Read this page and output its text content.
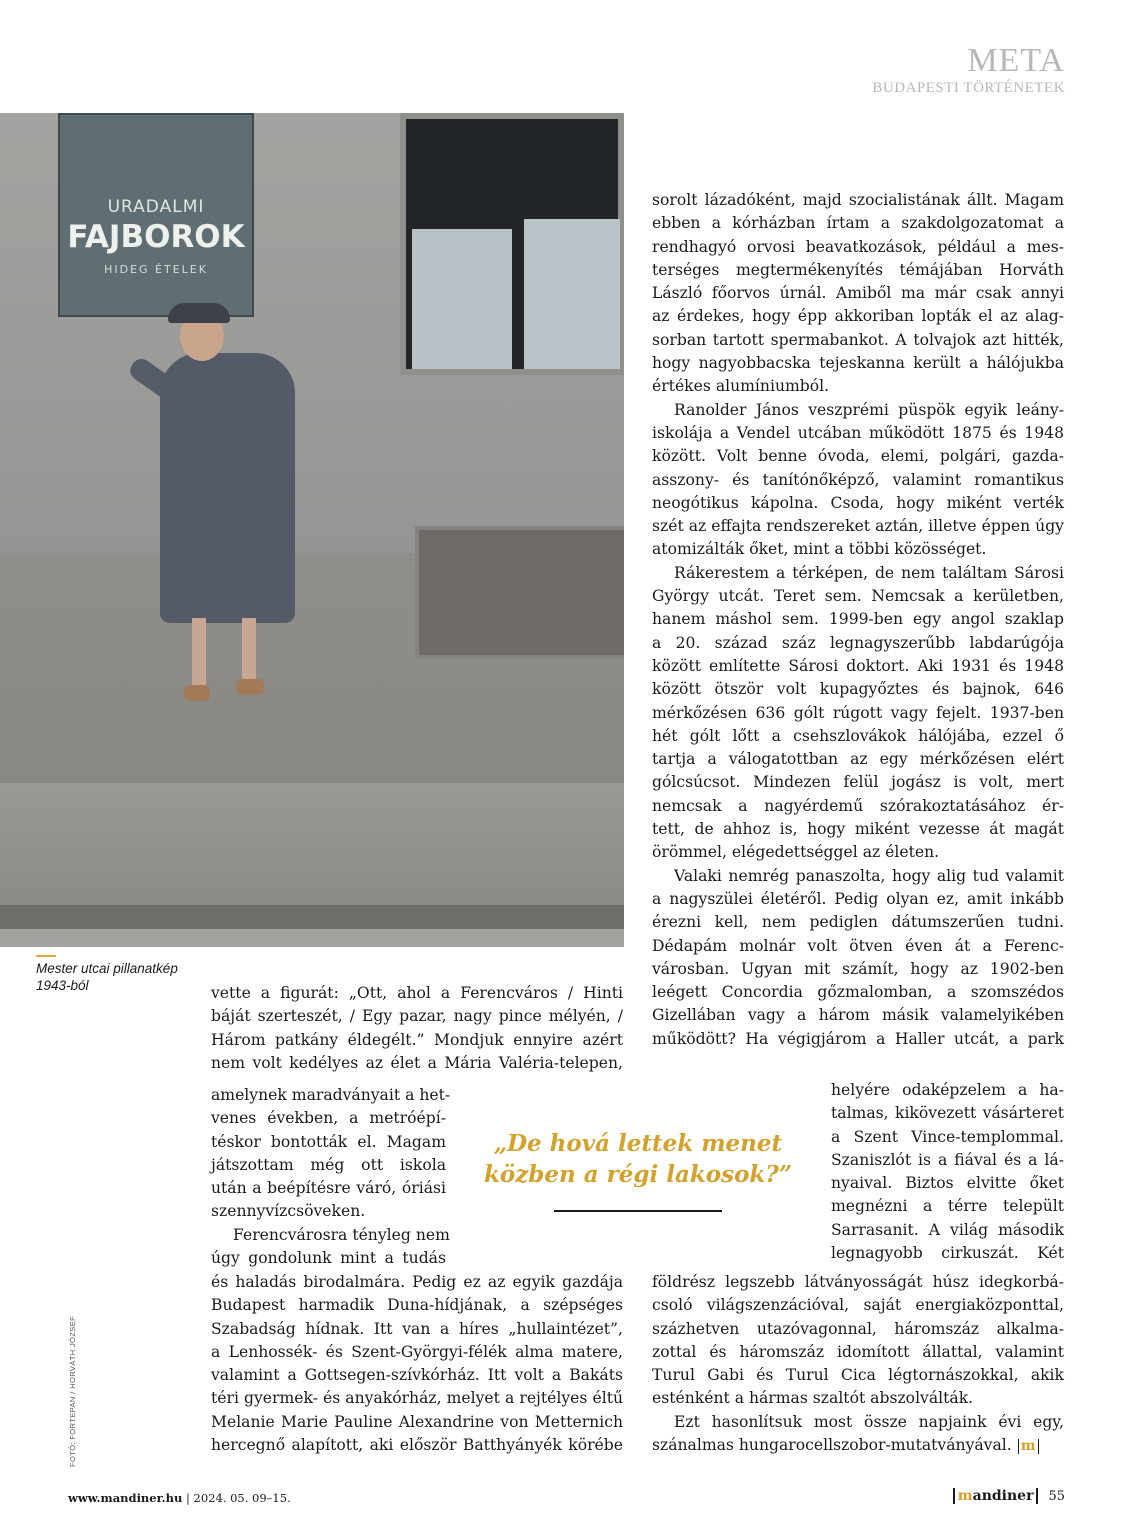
META
BUDAPESTI TÖRTÉNETEK
URADALMI
FAJBOROK
HIDEG ÉTELEK
Mester utcai pillanatkép
1943-ból
FOTÓ: FORTEPAN / HORVÁTH JÓZSEF
sorolt lázadóként, majd szocialistának állt. Magam
ebben a kórházban írtam a szakdolgozatomat a
rendhagyó orvosi beavatkozások, például a mes-
terséges megtermékenyítés témájában Horváth
László főorvos úrnál. Amiből ma már csak annyi
az érdekes, hogy épp akkoriban lopták el az alag-
sorban tartott spermabankot. A tolvajok azt hitték,
hogy nagyobbacska tejeskanna került a hálójukba
értékes alumíniumból.
Ranolder János veszprémi püspök egyik leány-
iskolája a Vendel utcában működött 1875 és 1948
között. Volt benne óvoda, elemi, polgári, gazda-
asszony- és tanítónőképző, valamint romantikus
neogótikus kápolna. Csoda, hogy miként verték
szét az effajta rendszereket aztán, illetve éppen úgy
atomizálták őket, mint a többi közösséget.
Rákerestem a térképen, de nem találtam Sárosi
György utcát. Teret sem. Nemcsak a kerületben,
hanem máshol sem. 1999-ben egy angol szaklap
a 20. század száz legnagyszerűbb labdarúgója
között említette Sárosi doktort. Aki 1931 és 1948
között ötször volt kupagyőztes és bajnok, 646
mérkőzésen 636 gólt rúgott vagy fejelt. 1937-ben
hét gólt lőtt a csehszlovákok hálójába, ezzel ő
tartja a válogatottban az egy mérkőzésen elért
gólcsúcsot. Mindezen felül jogász is volt, mert
nemcsak a nagyérdemű szórakoztatásához ér-
tett, de ahhoz is, hogy miként vezesse át magát
örömmel, elégedettséggel az életen.
Valaki nemrég panaszolta, hogy alig tud valamit
a nagyszülei életéről. Pedig olyan ez, amit inkább
érezni kell, nem pediglen dátumszerűen tudni.
Dédapám molnár volt ötven éven át a Ferenc-
városban. Ugyan mit számít, hogy az 1902-ben
leégett Concordia gőzmalomban, a szomszédos
Gizellában vagy a három másik valamelyikében
működött? Ha végigjárom a Haller utcát, a park
helyére odaképzelem a ha-
talmas, kikövezett vásárteret
a Szent Vince-templommal.
Szaniszlót is a fiával és a lá-
nyaival. Biztos elvitte őket
megnézni a térre települt
Sarrasanit. A világ második
legnagyobb cirkuszát. Két
földrész legszebb látványosságát húsz idegkorbá-
csoló világszenzációval, saját energiaközponttal,
százhetven utazóvagonnal, háromszáz alkalma-
zottal és háromszáz idomított állattal, valamint
Turul Gabi és Turul Cica légtornászokkal, akik
esténként a hármas szaltót abszolválták.
Ezt hasonlítsuk most össze napjaink évi egy,
szánalmas hungarocellszobor-mutatványával. m
vette a figurát: „Ott, ahol a Ferencváros / Hinti
báját szerteszét, / Egy pazar, nagy pince mélyén, /
Három patkány éldegélt.” Mondjuk ennyire azért
nem volt kedélyes az élet a Mária Valéria-telepen,
amelynek maradványait a het-
venes években, a metróépí-
téskor bontották el. Magam
játszottam még ott iskola
után a beépítésre váró, óriási
szennyvízcsöveken.
Ferencvárosra tényleg nem
úgy gondolunk mint a tudás
és haladás birodalmára. Pedig ez az egyik gazdája
Budapest harmadik Duna-hídjának, a szépséges
Szabadság hídnak. Itt van a híres „hullaintézet”,
a Lenhossék- és Szent-Györgyi-félék alma matere,
valamint a Gottsegen-szívkórház. Itt volt a Bakáts
téri gyermek- és anyakórház, melyet a rejtélyes éltű
Melanie Marie Pauline Alexandrine von Metternich
hercegnő alapított, aki először Batthyányék körébe
„De hová lettek menet
közben a régi lakosok?”
www.mandiner.hu | 2024. 05. 09–15.	mandiner	55
